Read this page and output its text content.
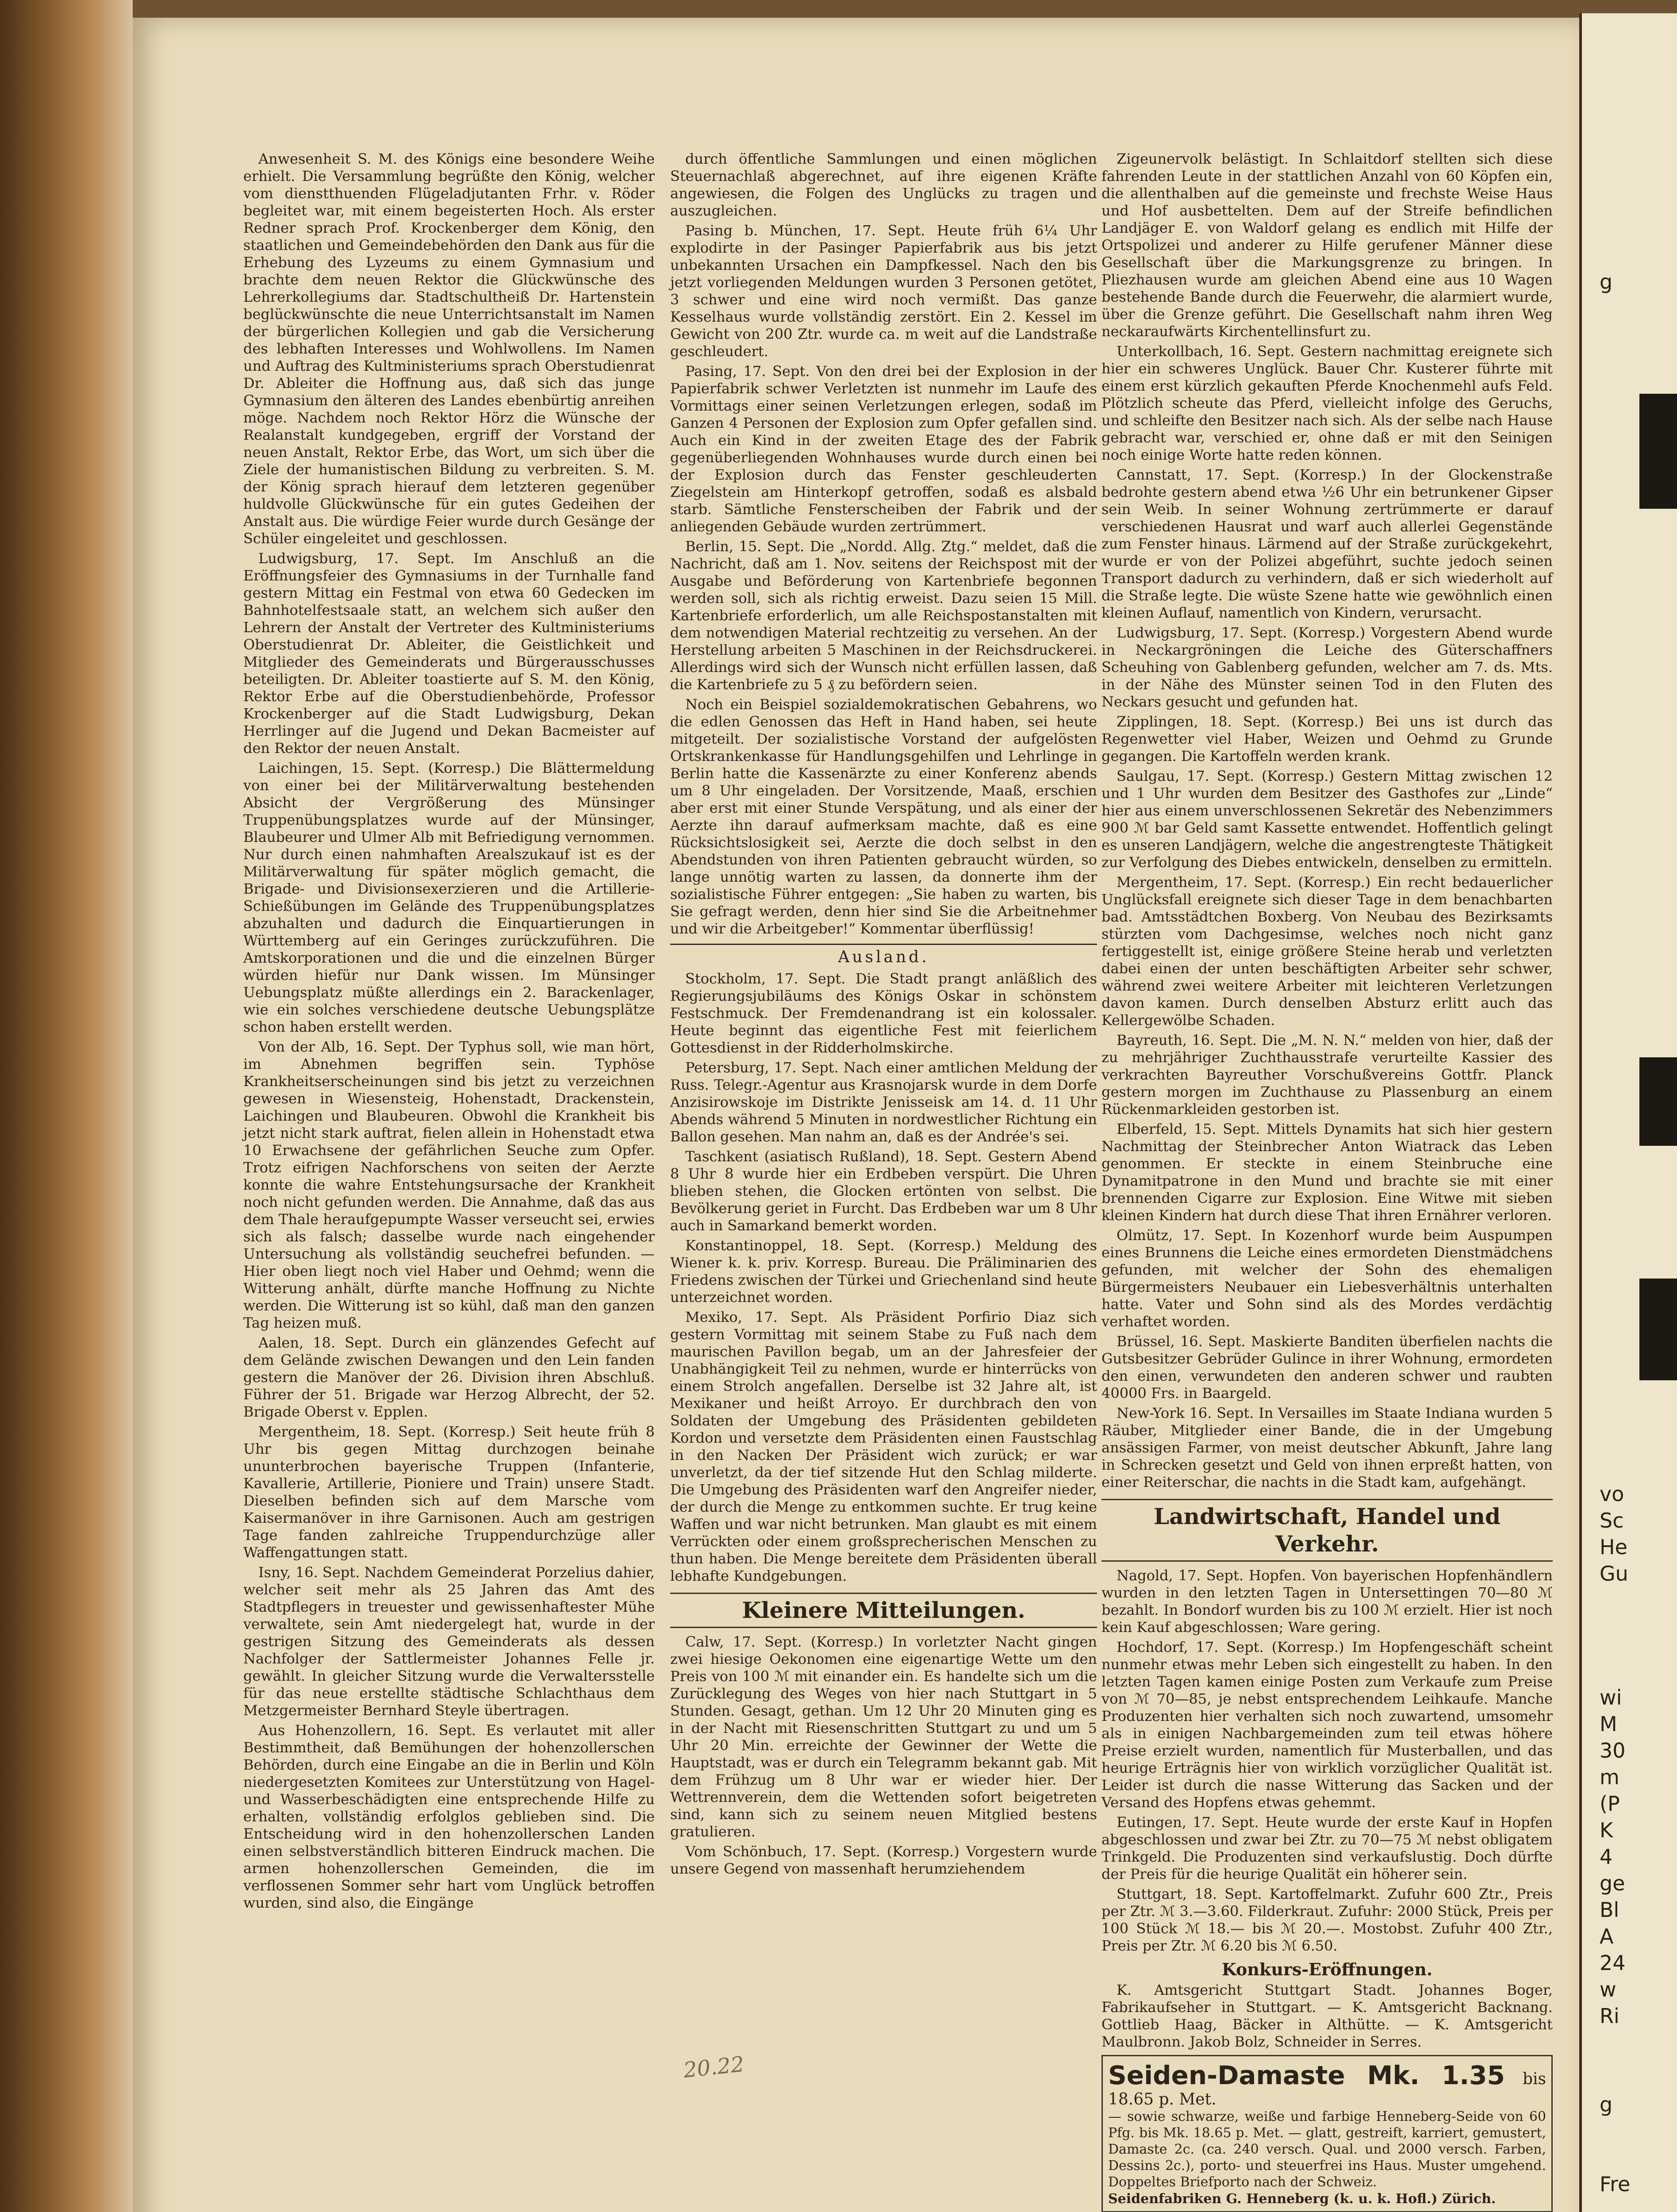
Anwesenheit S. M. des Königs eine besondere Weihe erhielt. Die Versammlung begrüßte den König, welcher vom dienstthuenden Flügeladjutanten Frhr. v. Röder begleitet war, mit einem begeisterten Hoch. Als erster Redner sprach Prof. Krockenberger dem König, den staatlichen und Gemeindebehörden den Dank aus für die Erhebung des Lyzeums zu einem Gymnasium und brachte dem neuen Rektor die Glückwünsche des Lehrerkollegiums dar. Stadtschultheiß Dr. Hartenstein beglückwünschte die neue Unterrichtsanstalt im Namen der bürgerlichen Kollegien und gab die Versicherung des lebhaften Interesses und Wohlwollens. Im Namen und Auftrag des Kultministeriums sprach Oberstudienrat Dr. Ableiter die Hoffnung aus, daß sich das junge Gymnasium den älteren des Landes ebenbürtig anreihen möge. Nachdem noch Rektor Hörz die Wünsche der Realanstalt kundgegeben, ergriff der Vorstand der neuen Anstalt, Rektor Erbe, das Wort, um sich über die Ziele der humanistischen Bildung zu verbreiten. S. M. der König sprach hierauf dem letzteren gegenüber huldvolle Glückwünsche für ein gutes Gedeihen der Anstalt aus. Die würdige Feier wurde durch Gesänge der Schüler eingeleitet und geschlossen.

Ludwigsburg, 17. Sept. Im Anschluß an die Eröffnungsfeier des Gymnasiums in der Turnhalle fand gestern Mittag ein Festmal von etwa 60 Gedecken im Bahnhotelfestsaale statt, an welchem sich außer den Lehrern der Anstalt der Vertreter des Kultministeriums Oberstudienrat Dr. Ableiter, die Geistlichkeit und Mitglieder des Gemeinderats und Bürgerausschusses beteiligten. Dr. Ableiter toastierte auf S. M. den König, Rektor Erbe auf die Oberstudienbehörde, Professor Krockenberger auf die Stadt Ludwigsburg, Dekan Herrlinger auf die Jugend und Dekan Bacmeister auf den Rektor der neuen Anstalt.

Laichingen, 15. Sept. (Korresp.) Die Blättermeldung von einer bei der Militärverwaltung bestehenden Absicht der Vergrößerung des Münsinger Truppenübungsplatzes wurde auf der Münsinger, Blaubeurer und Ulmer Alb mit Befriedigung vernommen. Nur durch einen nahmhaften Arealszukauf ist es der Militärverwaltung für später möglich gemacht, die Brigade- und Divisionsexerzieren und die Artillerie-Schießübungen im Gelände des Truppenübungsplatzes abzuhalten und dadurch die Einquartierungen in Württemberg auf ein Geringes zurückzuführen. Die Amtskorporationen und die und die einzelnen Bürger würden hiefür nur Dank wissen. Im Münsinger Uebungsplatz müßte allerdings ein 2. Barackenlager, wie ein solches verschiedene deutsche Uebungsplätze schon haben erstellt werden.

Von der Alb, 16. Sept. Der Typhus soll, wie man hört, im Abnehmen begriffen sein. Typhöse Krankheitserscheinungen sind bis jetzt zu verzeichnen gewesen in Wiesensteig, Hohenstadt, Drackenstein, Laichingen und Blaubeuren. Obwohl die Krankheit bis jetzt nicht stark auftrat, fielen allein in Hohenstadt etwa 10 Erwachsene der gefährlichen Seuche zum Opfer. Trotz eifrigen Nachforschens von seiten der Aerzte konnte die wahre Entstehungsursache der Krankheit noch nicht gefunden werden. Die Annahme, daß das aus dem Thale heraufgepumpte Wasser verseucht sei, erwies sich als falsch; dasselbe wurde nach eingehender Untersuchung als vollständig seuchefrei befunden. — Hier oben liegt noch viel Haber und Oehmd; wenn die Witterung anhält, dürfte manche Hoffnung zu Nichte werden. Die Witterung ist so kühl, daß man den ganzen Tag heizen muß.

Aalen, 18. Sept. Durch ein glänzendes Gefecht auf dem Gelände zwischen Dewangen und den Lein fanden gestern die Manöver der 26. Division ihren Abschluß. Führer der 51. Brigade war Herzog Albrecht, der 52. Brigade Oberst v. Epplen.

Mergentheim, 18. Sept. (Korresp.) Seit heute früh 8 Uhr bis gegen Mittag durchzogen beinahe ununterbrochen bayerische Truppen (Infanterie, Kavallerie, Artillerie, Pioniere und Train) unsere Stadt. Dieselben befinden sich auf dem Marsche vom Kaisermanöver in ihre Garnisonen. Auch am gestrigen Tage fanden zahlreiche Truppendurchzüge aller Waffengattungen statt.

Isny, 16. Sept. Nachdem Gemeinderat Porzelius dahier, welcher seit mehr als 25 Jahren das Amt des Stadtpflegers in treuester und gewissenhaftester Mühe verwaltete, sein Amt niedergelegt hat, wurde in der gestrigen Sitzung des Gemeinderats als dessen Nachfolger der Sattlermeister Johannes Felle jr. gewählt. In gleicher Sitzung wurde die Verwaltersstelle für das neue erstellte städtische Schlachthaus dem Metzgermeister Bernhard Steyle übertragen.

Aus Hohenzollern, 16. Sept. Es verlautet mit aller Bestimmtheit, daß Bemühungen der hohenzollerschen Behörden, durch eine Eingabe an die in Berlin und Köln niedergesetzten Komitees zur Unterstützung von Hagel- und Wasserbeschädigten eine entsprechende Hilfe zu erhalten, vollständig erfolglos geblieben sind. Die Entscheidung wird in den hohenzollerschen Landen einen selbstverständlich bitteren Eindruck machen. Die armen hohenzollerschen Gemeinden, die im verflossenen Sommer sehr hart vom Unglück betroffen wurden, sind also, die Eingänge

durch öffentliche Sammlungen und einen möglichen Steuernachlaß abgerechnet, auf ihre eigenen Kräfte angewiesen, die Folgen des Unglücks zu tragen und auszugleichen.

Pasing b. München, 17. Sept. Heute früh 6¼ Uhr explodirte in der Pasinger Papierfabrik aus bis jetzt unbekannten Ursachen ein Dampfkessel. Nach den bis jetzt vorliegenden Meldungen wurden 3 Personen getötet, 3 schwer und eine wird noch vermißt. Das ganze Kesselhaus wurde vollständig zerstört. Ein 2. Kessel im Gewicht von 200 Ztr. wurde ca. m weit auf die Landstraße geschleudert.

Pasing, 17. Sept. Von den drei bei der Explosion in der Papierfabrik schwer Verletzten ist nunmehr im Laufe des Vormittags einer seinen Verletzungen erlegen, sodaß im Ganzen 4 Personen der Explosion zum Opfer gefallen sind. Auch ein Kind in der zweiten Etage des der Fabrik gegenüberliegenden Wohnhauses wurde durch einen bei der Explosion durch das Fenster geschleuderten Ziegelstein am Hinterkopf getroffen, sodaß es alsbald starb. Sämtliche Fensterscheiben der Fabrik und der anliegenden Gebäude wurden zertrümmert.

Berlin, 15. Sept. Die „Nordd. Allg. Ztg.“ meldet, daß die Nachricht, daß am 1. Nov. seitens der Reichspost mit der Ausgabe und Beförderung von Kartenbriefe begonnen werden soll, sich als richtig erweist. Dazu seien 15 Mill. Kartenbriefe erforderlich, um alle Reichspostanstalten mit dem notwendigen Material rechtzeitig zu versehen. An der Herstellung arbeiten 5 Maschinen in der Reichsdruckerei. Allerdings wird sich der Wunsch nicht erfüllen lassen, daß die Kartenbriefe zu 5 ₰ zu befördern seien.

Noch ein Beispiel sozialdemokratischen Gebahrens, wo die edlen Genossen das Heft in Hand haben, sei heute mitgeteilt. Der sozialistische Vorstand der aufgelösten Ortskrankenkasse für Handlungsgehilfen und Lehrlinge in Berlin hatte die Kassenärzte zu einer Konferenz abends um 8 Uhr eingeladen. Der Vorsitzende, Maaß, erschien aber erst mit einer Stunde Verspätung, und als einer der Aerzte ihn darauf aufmerksam machte, daß es eine Rücksichtslosigkeit sei, Aerzte die doch selbst in den Abendstunden von ihren Patienten gebraucht würden, so lange unnötig warten zu lassen, da donnerte ihm der sozialistische Führer entgegen: „Sie haben zu warten, bis Sie gefragt werden, denn hier sind Sie die Arbeitnehmer und wir die Arbeitgeber!“ Kommentar überflüssig!

Ausland.

Stockholm, 17. Sept. Die Stadt prangt anläßlich des Regierungsjubiläums des Königs Oskar in schönstem Festschmuck. Der Fremdenandrang ist ein kolossaler. Heute beginnt das eigentliche Fest mit feierlichem Gottesdienst in der Ridderholmskirche.

Petersburg, 17. Sept. Nach einer amtlichen Meldung der Russ. Telegr.-Agentur aus Krasnojarsk wurde in dem Dorfe Anzisirowskoje im Distrikte Jenisseisk am 14. d. 11 Uhr Abends während 5 Minuten in nordwestlicher Richtung ein Ballon gesehen. Man nahm an, daß es der Andrée's sei.

Taschkent (asiatisch Rußland), 18. Sept. Gestern Abend 8 Uhr 8 wurde hier ein Erdbeben verspürt. Die Uhren blieben stehen, die Glocken ertönten von selbst. Die Bevölkerung geriet in Furcht. Das Erdbeben war um 8 Uhr auch in Samarkand bemerkt worden.

Konstantinoppel, 18. Sept. (Korresp.) Meldung des Wiener k. k. priv. Korresp. Bureau. Die Präliminarien des Friedens zwischen der Türkei und Griechenland sind heute unterzeichnet worden.

Mexiko, 17. Sept. Als Präsident Porfirio Diaz sich gestern Vormittag mit seinem Stabe zu Fuß nach dem maurischen Pavillon begab, um an der Jahresfeier der Unabhängigkeit Teil zu nehmen, wurde er hinterrücks von einem Strolch angefallen. Derselbe ist 32 Jahre alt, ist Mexikaner und heißt Arroyo. Er durchbrach den von Soldaten der Umgebung des Präsidenten gebildeten Kordon und versetzte dem Präsidenten einen Faustschlag in den Nacken Der Präsident wich zurück; er war unverletzt, da der tief sitzende Hut den Schlag milderte. Die Umgebung des Präsidenten warf den Angreifer nieder, der durch die Menge zu entkommen suchte. Er trug keine Waffen und war nicht betrunken. Man glaubt es mit einem Verrückten oder einem großsprecherischen Menschen zu thun haben. Die Menge bereitete dem Präsidenten überall lebhafte Kundgebungen.

Kleinere Mitteilungen.

Calw, 17. Sept. (Korresp.) In vorletzter Nacht gingen zwei hiesige Oekonomen eine eigenartige Wette um den Preis von 100 ℳ mit einander ein. Es handelte sich um die Zurücklegung des Weges von hier nach Stuttgart in 5 Stunden. Gesagt, gethan. Um 12 Uhr 20 Minuten ging es in der Nacht mit Riesenschritten Stuttgart zu und um 5 Uhr 20 Min. erreichte der Gewinner der Wette die Hauptstadt, was er durch ein Telegramm bekannt gab. Mit dem Frühzug um 8 Uhr war er wieder hier. Der Wettrennverein, dem die Wettenden sofort beigetreten sind, kann sich zu seinem neuen Mitglied bestens gratulieren.

Vom Schönbuch, 17. Sept. (Korresp.) Vorgestern wurde unsere Gegend von massenhaft herumziehendem

20.22

Zigeunervolk belästigt. In Schlaitdorf stellten sich diese fahrenden Leute in der stattlichen Anzahl von 60 Köpfen ein, die allenthalben auf die gemeinste und frechste Weise Haus und Hof ausbettelten. Dem auf der Streife befindlichen Landjäger E. von Waldorf gelang es endlich mit Hilfe der Ortspolizei und anderer zu Hilfe gerufener Männer diese Gesellschaft über die Markungsgrenze zu bringen. In Pliezhausen wurde am gleichen Abend eine aus 10 Wagen bestehende Bande durch die Feuerwehr, die alarmiert wurde, über die Grenze geführt. Die Gesellschaft nahm ihren Weg neckaraufwärts Kirchentellinsfurt zu.

Unterkollbach, 16. Sept. Gestern nachmittag ereignete sich hier ein schweres Unglück. Bauer Chr. Kusterer führte mit einem erst kürzlich gekauften Pferde Knochenmehl aufs Feld. Plötzlich scheute das Pferd, vielleicht infolge des Geruchs, und schleifte den Besitzer nach sich. Als der selbe nach Hause gebracht war, verschied er, ohne daß er mit den Seinigen noch einige Worte hatte reden können.

Cannstatt, 17. Sept. (Korresp.) In der Glockenstraße bedrohte gestern abend etwa ½6 Uhr ein betrunkener Gipser sein Weib. In seiner Wohnung zertrümmerte er darauf verschiedenen Hausrat und warf auch allerlei Gegenstände zum Fenster hinaus. Lärmend auf der Straße zurückgekehrt, wurde er von der Polizei abgeführt, suchte jedoch seinen Transport dadurch zu verhindern, daß er sich wiederholt auf die Straße legte. Die wüste Szene hatte wie gewöhnlich einen kleinen Auflauf, namentlich von Kindern, verursacht.

Ludwigsburg, 17. Sept. (Korresp.) Vorgestern Abend wurde in Neckargröningen die Leiche des Güterschaffners Scheuhing von Gablenberg gefunden, welcher am 7. ds. Mts. in der Nähe des Münster seinen Tod in den Fluten des Neckars gesucht und gefunden hat.

Zipplingen, 18. Sept. (Korresp.) Bei uns ist durch das Regenwetter viel Haber, Weizen und Oehmd zu Grunde gegangen. Die Kartoffeln werden krank.

Saulgau, 17. Sept. (Korresp.) Gestern Mittag zwischen 12 und 1 Uhr wurden dem Besitzer des Gasthofes zur „Linde“ hier aus einem unverschlossenen Sekretär des Nebenzimmers 900 ℳ bar Geld samt Kassette entwendet. Hoffentlich gelingt es unseren Landjägern, welche die angestrengteste Thätigkeit zur Verfolgung des Diebes entwickeln, denselben zu ermitteln.

Mergentheim, 17. Sept. (Korresp.) Ein recht bedauerlicher Unglücksfall ereignete sich dieser Tage in dem benachbarten bad. Amtsstädtchen Boxberg. Von Neubau des Bezirksamts stürzten vom Dachgesimse, welches noch nicht ganz fertiggestellt ist, einige größere Steine herab und verletzten dabei einen der unten beschäftigten Arbeiter sehr schwer, während zwei weitere Arbeiter mit leichteren Verletzungen davon kamen. Durch denselben Absturz erlitt auch das Kellergewölbe Schaden.

Bayreuth, 16. Sept. Die „M. N. N.“ melden von hier, daß der zu mehrjähriger Zuchthausstrafe verurteilte Kassier des verkrachten Bayreuther Vorschußvereins Gottfr. Planck gestern morgen im Zuchthause zu Plassenburg an einem Rückenmarkleiden gestorben ist.

Elberfeld, 15. Sept. Mittels Dynamits hat sich hier gestern Nachmittag der Steinbrecher Anton Wiatrack das Leben genommen. Er steckte in einem Steinbruche eine Dynamitpatrone in den Mund und brachte sie mit einer brennenden Cigarre zur Explosion. Eine Witwe mit sieben kleinen Kindern hat durch diese That ihren Ernährer verloren.

Olmütz, 17. Sept. In Kozenhorf wurde beim Auspumpen eines Brunnens die Leiche eines ermordeten Dienstmädchens gefunden, mit welcher der Sohn des ehemaligen Bürgermeisters Neubauer ein Liebesverhältnis unterhalten hatte. Vater und Sohn sind als des Mordes verdächtig verhaftet worden.

Brüssel, 16. Sept. Maskierte Banditen überfielen nachts die Gutsbesitzer Gebrüder Gulince in ihrer Wohnung, ermordeten den einen, verwundeten den anderen schwer und raubten 40000 Frs. in Baargeld.

New-York 16. Sept. In Versailles im Staate Indiana wurden 5 Räuber, Mitglieder einer Bande, die in der Umgebung ansässigen Farmer, von meist deutscher Abkunft, Jahre lang in Schrecken gesetzt und Geld von ihnen erpreßt hatten, von einer Reiterschar, die nachts in die Stadt kam, aufgehängt.

Landwirtschaft, Handel und Verkehr.

Nagold, 17. Sept. Hopfen. Von bayerischen Hopfenhändlern wurden in den letzten Tagen in Untersettingen 70—80 ℳ bezahlt. In Bondorf wurden bis zu 100 ℳ erzielt. Hier ist noch kein Kauf abgeschlossen; Ware gering.

Hochdorf, 17. Sept. (Korresp.) Im Hopfengeschäft scheint nunmehr etwas mehr Leben sich eingestellt zu haben. In den letzten Tagen kamen einige Posten zum Verkaufe zum Preise von ℳ 70—85, je nebst entsprechendem Leihkaufe. Manche Produzenten hier verhalten sich noch zuwartend, umsomehr als in einigen Nachbargemeinden zum teil etwas höhere Preise erzielt wurden, namentlich für Musterballen, und das heurige Erträgnis hier von wirklich vorzüglicher Qualität ist. Leider ist durch die nasse Witterung das Sacken und der Versand des Hopfens etwas gehemmt.

Eutingen, 17. Sept. Heute wurde der erste Kauf in Hopfen abgeschlossen und zwar bei Ztr. zu 70—75 ℳ nebst obligatem Trinkgeld. Die Produzenten sind verkaufslustig. Doch dürfte der Preis für die heurige Qualität ein höherer sein.

Stuttgart, 18. Sept. Kartoffelmarkt. Zufuhr 600 Ztr., Preis per Ztr. ℳ 3.—3.60. Filderkraut. Zufuhr: 2000 Stück, Preis per 100 Stück ℳ 18.— bis ℳ 20.—. Mostobst. Zufuhr 400 Ztr., Preis per Ztr. ℳ 6.20 bis ℳ 6.50.

Konkurs-Eröffnungen.

K. Amtsgericht Stuttgart Stadt. Johannes Boger, Fabrikaufseher in Stuttgart. — K. Amtsgericht Backnang. Gottlieb Haag, Bäcker in Althütte. — K. Amtsgericht Maulbronn. Jakob Bolz, Schneider in Serres.

Seiden-Damaste Mk. 1.35 bis 18.65 p. Met.
— sowie schwarze, weiße und farbige Henneberg-Seide von 60 Pfg. bis Mk. 18.65 p. Met. — glatt, gestreift, karriert, gemustert, Damaste 2c. (ca. 240 versch. Qual. und 2000 versch. Farben, Dessins 2c.), porto- und steuerfrei ins Haus. Muster umgehend. Doppeltes Briefporto nach der Schweiz.
Seidenfabriken G. Henneberg (k. u. k. Hofl.) Zürich.
g
vo
Sc
He
Gu
wi
M
30
m
(P
K
4
ge
Bl
A
24
w
Ri
g
Fre
